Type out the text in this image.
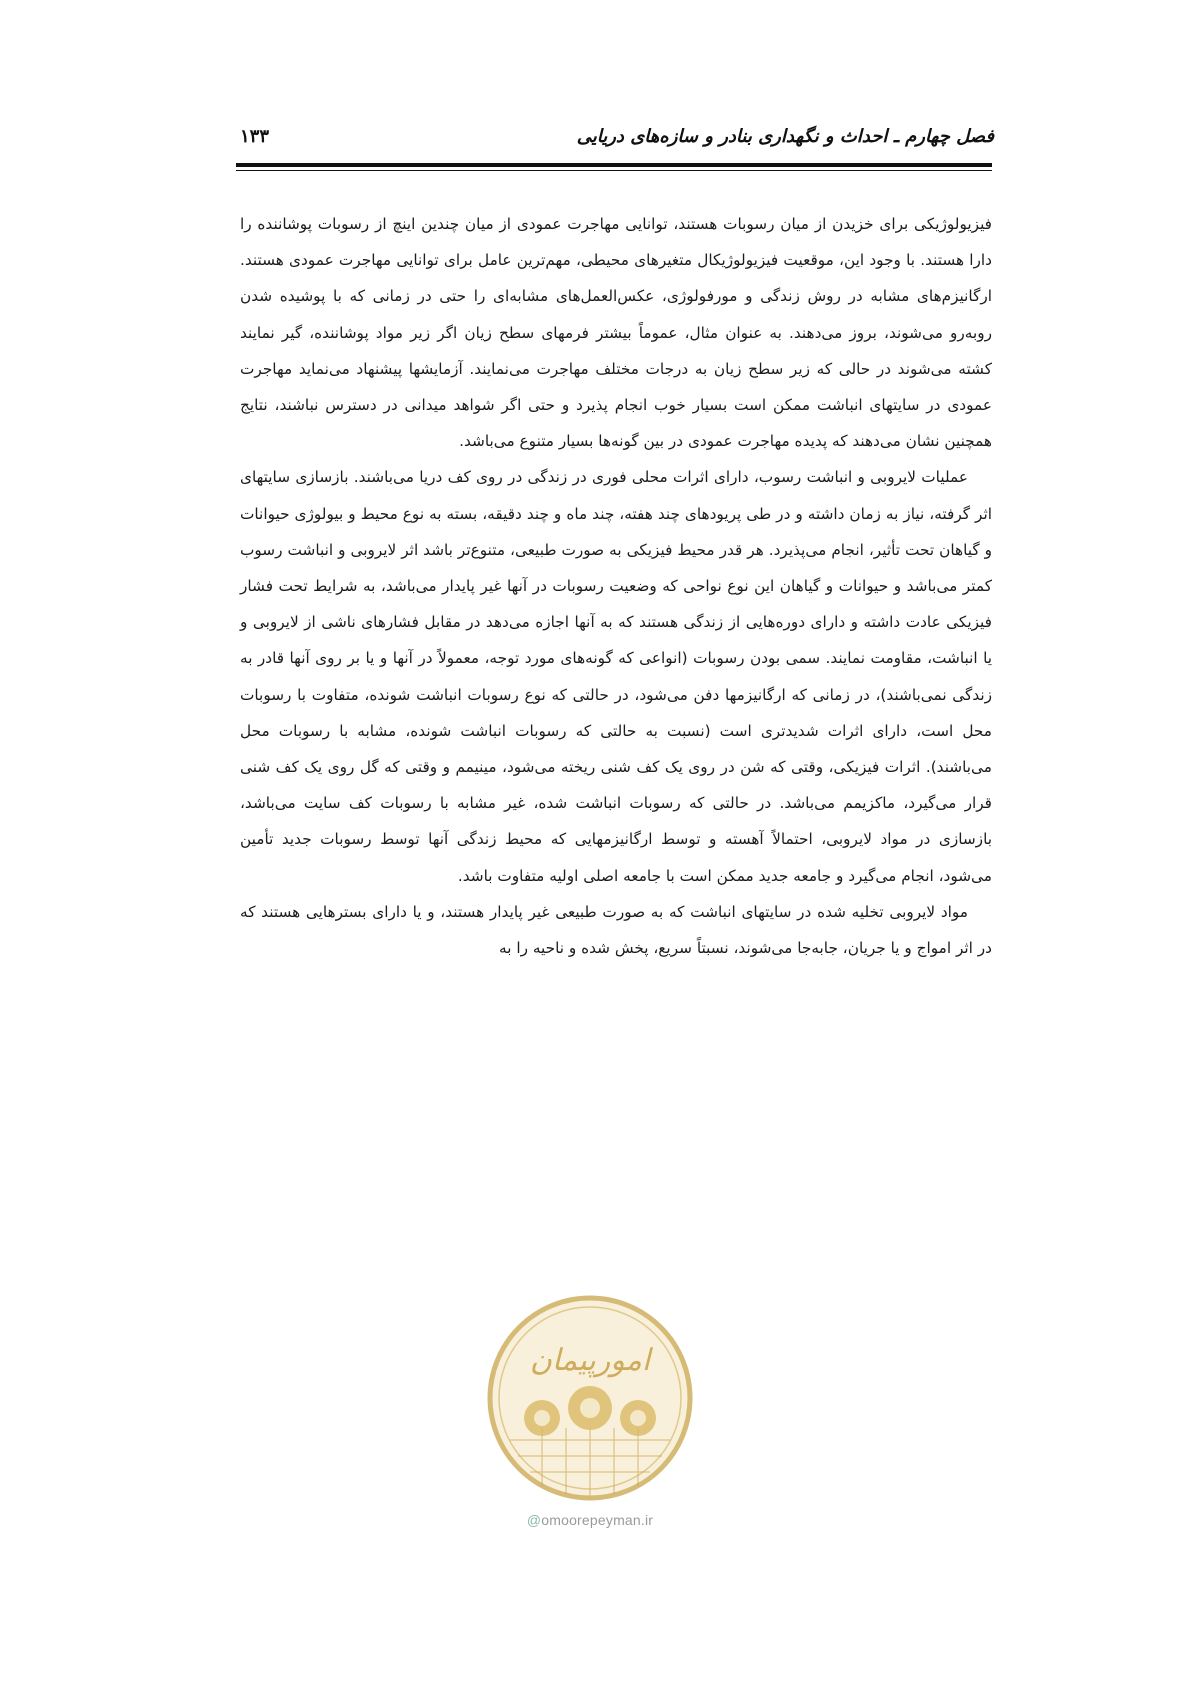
فصل چهارم ـ احداث و نگهداری بنادر و سازه‌های دریایی
۱۳۳

فیزیولوژیکی برای خزیدن از میان رسوبات هستند، توانایی مهاجرت عمودی از میان چندین اینچ از رسوبات پوشاننده را دارا هستند. با وجود این، موقعیت فیزیولوژیکال متغیرهای محیطی، مهم‌ترین عامل برای توانایی مهاجرت عمودی هستند. ارگانیزم‌های مشابه در روش زندگی و مورفولوژی، عکس‌العمل‌های مشابه‌ای را حتی در زمانی که با پوشیده شدن روبه‌رو می‌شوند، بروز می‌دهند. به عنوان مثال، عموماً بیشتر فرمهای سطح زیان اگر زیر مواد پوشاننده، گیر نمایند کشته می‌شوند در حالی که زیر سطح زیان به درجات مختلف مهاجرت می‌نمایند. آزمایشها پیشنهاد می‌نماید مهاجرت عمودی در سایتهای انباشت ممکن است بسیار خوب انجام پذیرد و حتی اگر شواهد میدانی در دسترس نباشند، نتایج همچنین نشان می‌دهند که پدیده مهاجرت عمودی در بین گونه‌ها بسیار متنوع می‌باشد.

عملیات لایروبی و انباشت رسوب، دارای اثرات محلی فوری در زندگی در روی کف دریا می‌باشند. بازسازی سایتهای اثر گرفته، نیاز به زمان داشته و در طی پریودهای چند هفته، چند ماه و چند دقیقه، بسته به نوع محیط و بیولوژی حیوانات و گیاهان تحت تأثیر، انجام می‌پذیرد. هر قدر محیط فیزیکی به صورت طبیعی، متنوع‌تر باشد اثر لایروبی و انباشت رسوب کمتر می‌باشد و حیوانات و گیاهان این نوع نواحی که وضعیت رسوبات در آنها غیر پایدار می‌باشد، به شرایط تحت فشار فیزیکی عادت داشته و دارای دوره‌هایی از زندگی هستند که به آنها اجازه می‌دهد در مقابل فشارهای ناشی از لایروبی و یا انباشت، مقاومت نمایند. سمی بودن رسوبات (انواعی که گونه‌های مورد توجه، معمولاً در آنها و یا بر روی آنها قادر به زندگی نمی‌باشند)، در زمانی که ارگانیزمها دفن می‌شود، در حالتی که نوع رسوبات انباشت شونده، متفاوت با رسوبات محل است، دارای اثرات شدیدتری است (نسبت به حالتی که رسوبات انباشت شونده، مشابه با رسوبات محل می‌باشند). اثرات فیزیکی، وقتی که شن در روی یک کف شنی ریخته می‌شود، مینیمم و وقتی که گل روی یک کف شنی قرار می‌گیرد، ماکزیمم می‌باشد. در حالتی که رسوبات انباشت شده، غیر مشابه با رسوبات کف سایت می‌باشد، بازسازی در مواد لایروبی، احتمالاً آهسته و توسط ارگانیزمهایی که محیط زندگی آنها توسط رسوبات جدید تأمین می‌شود، انجام می‌گیرد و جامعه جدید ممکن است با جامعه اصلی اولیه متفاوت باشد.

مواد لایروبی تخلیه شده در سایتهای انباشت که به صورت طبیعی غیر پایدار هستند، و یا دارای بسترهایی هستند که در اثر امواج و یا جریان، جابه‌جا می‌شوند، نسبتاً سریع، پخش شده و ناحیه را به

امورپیمان
@omoorepeyman.ir
